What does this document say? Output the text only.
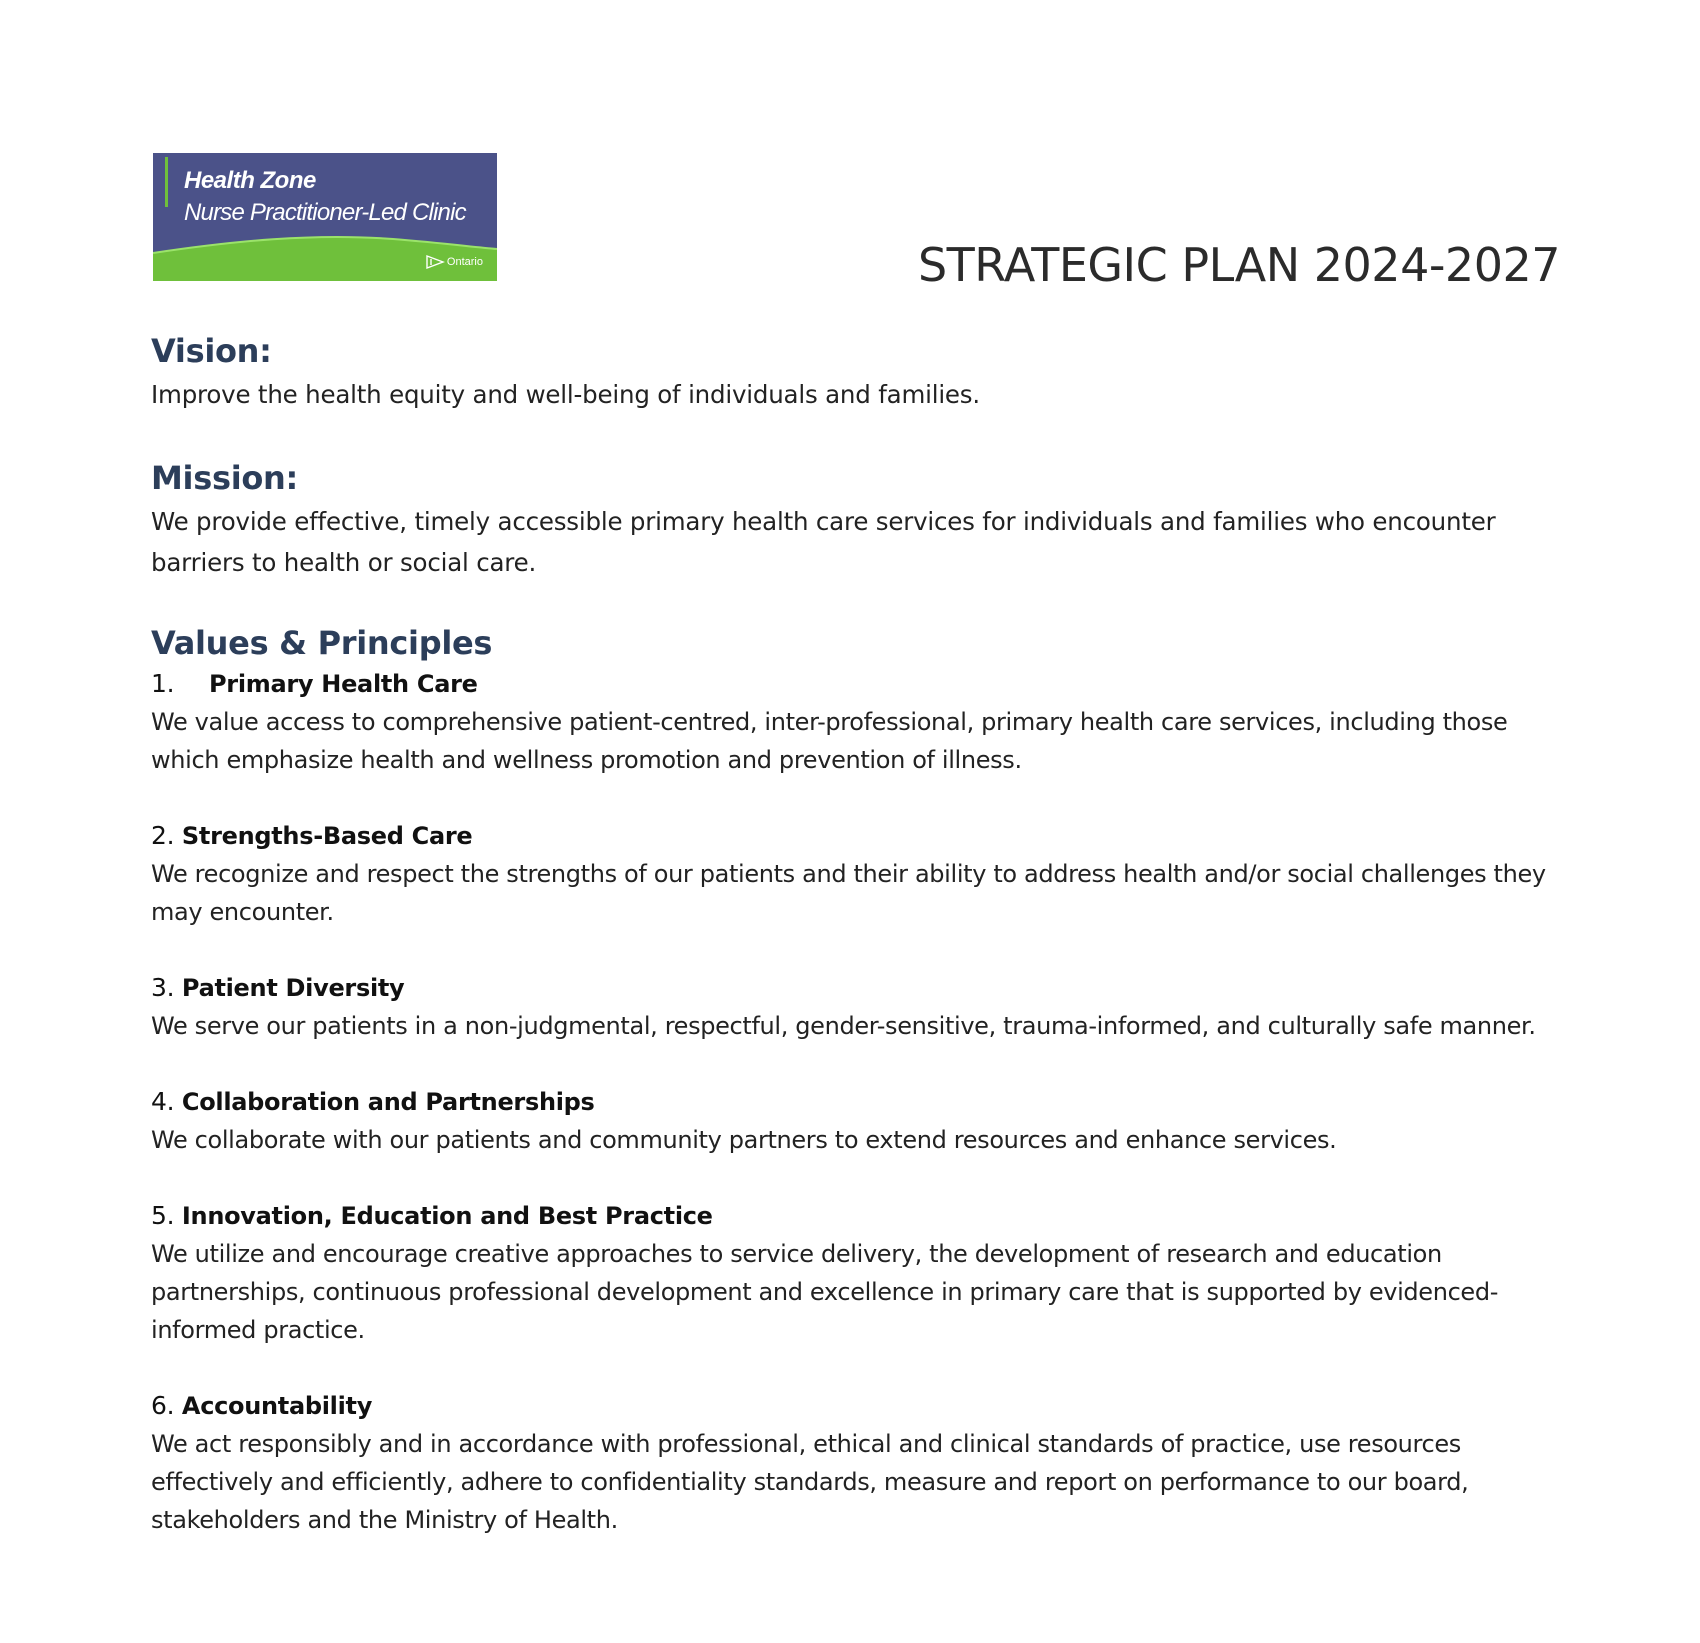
Health Zone
Nurse Practitioner-Led Clinic
Ontario	STRATEGIC PLAN 2024-2027
Vision:

Improve the health equity and well-being of individuals and families.

Mission:

We provide effective, timely accessible primary health care services for individuals and families who encounter barriers to health or social care.

Values & Principles

1. Primary Health Care

We value access to comprehensive patient-centred, inter-professional, primary health care services, including those which emphasize health and wellness promotion and prevention of illness.

2. Strengths-Based Care

We recognize and respect the strengths of our patients and their ability to address health and/or social challenges they may encounter.

3. Patient Diversity

We serve our patients in a non-judgmental, respectful, gender-sensitive, trauma-informed, and culturally safe manner.

4. Collaboration and Partnerships

We collaborate with our patients and community partners to extend resources and enhance services.

5. Innovation, Education and Best Practice

We utilize and encourage creative approaches to service delivery, the development of research and education partnerships, continuous professional development and excellence in primary care that is supported by evidenced-informed practice.

6. Accountability

We act responsibly and in accordance with professional, ethical and clinical standards of practice, use resources effectively and efficiently, adhere to confidentiality standards, measure and report on performance to our board, stakeholders and the Ministry of Health.
